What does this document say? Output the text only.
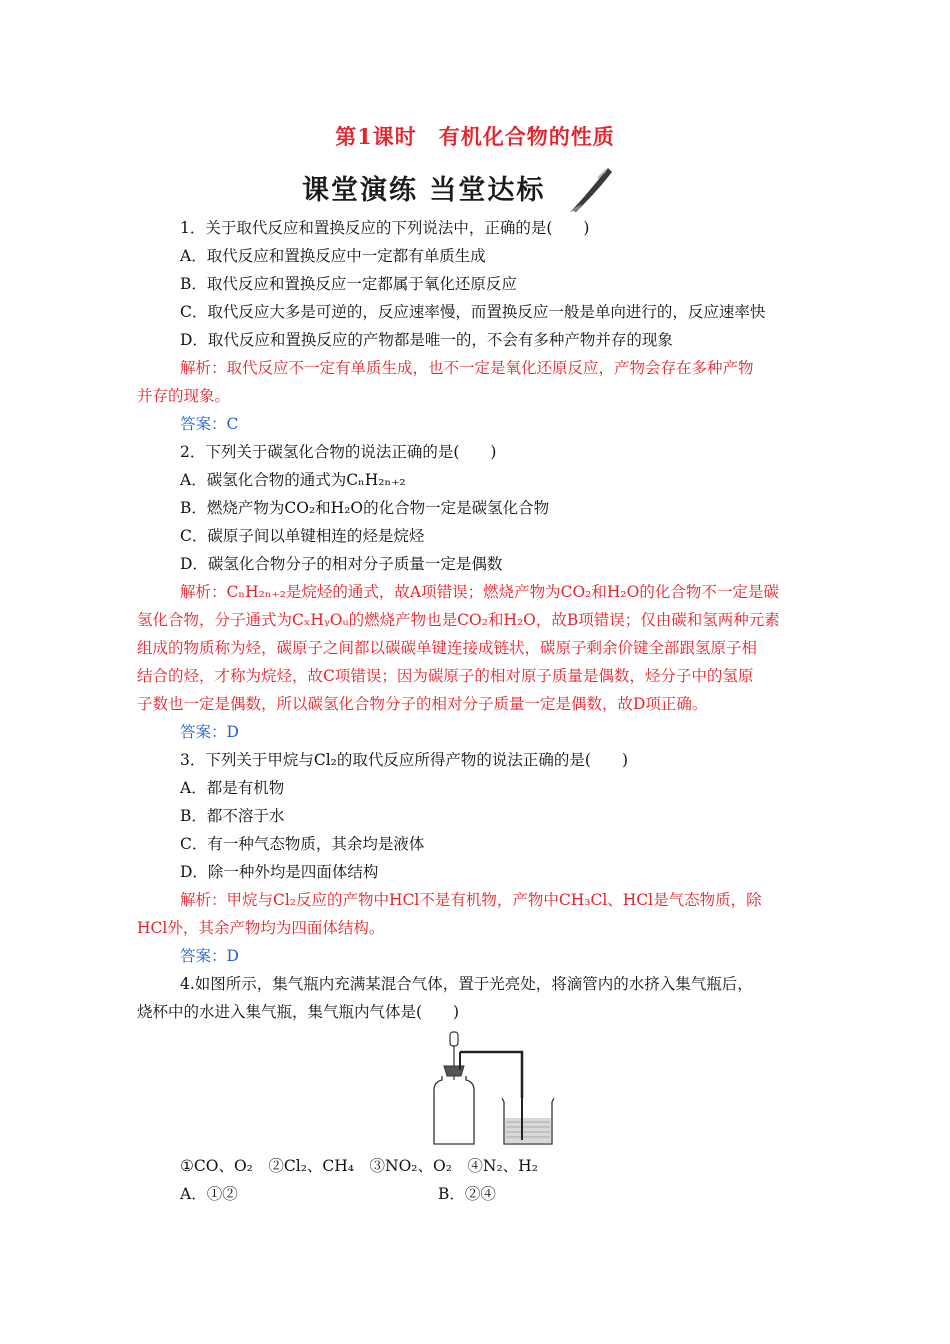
第1课时　有机化合物的性质
课堂演练 当堂达标
1．关于取代反应和置换反应的下列说法中，正确的是(　　)
A．取代反应和置换反应中一定都有单质生成
B．取代反应和置换反应一定都属于氧化还原反应
C．取代反应大多是可逆的，反应速率慢，而置换反应一般是单向进行的，反应速率快
D．取代反应和置换反应的产物都是唯一的，不会有多种产物并存的现象
解析：取代反应不一定有单质生成，也不一定是氧化还原反应，产物会存在多种产物
并存的现象。
答案：C
2．下列关于碳氢化合物的说法正确的是(　　)
A．碳氢化合物的通式为CₙH₂ₙ₊₂
B．燃烧产物为CO₂和H₂O的化合物一定是碳氢化合物
C．碳原子间以单键相连的烃是烷烃
D．碳氢化合物分子的相对分子质量一定是偶数
解析：CₙH₂ₙ₊₂是烷烃的通式，故A项错误；燃烧产物为CO₂和H₂O的化合物不一定是碳
氢化合物，分子通式为CₓHᵧOᵤ的燃烧产物也是CO₂和H₂O，故B项错误；仅由碳和氢两种元素
组成的物质称为烃，碳原子之间都以碳碳单键连接成链状，碳原子剩余价键全部跟氢原子相
结合的烃，才称为烷烃，故C项错误；因为碳原子的相对原子质量是偶数，烃分子中的氢原
子数也一定是偶数，所以碳氢化合物分子的相对分子质量一定是偶数，故D项正确。
答案：D
3．下列关于甲烷与Cl₂的取代反应所得产物的说法正确的是(　　)
A．都是有机物
B．都不溶于水
C．有一种气态物质，其余均是液体
D．除一种外均是四面体结构
解析：甲烷与Cl₂反应的产物中HCl不是有机物，产物中CH₃Cl、HCl是气态物质，除
HCl外，其余产物均为四面体结构。
答案：D
4.如图所示，集气瓶内充满某混合气体，置于光亮处，将滴管内的水挤入集气瓶后，
烧杯中的水进入集气瓶，集气瓶内气体是(　　)
①CO、O₂　②Cl₂、CH₄　③NO₂、O₂　④N₂、H₂
A．①②	B．②④
